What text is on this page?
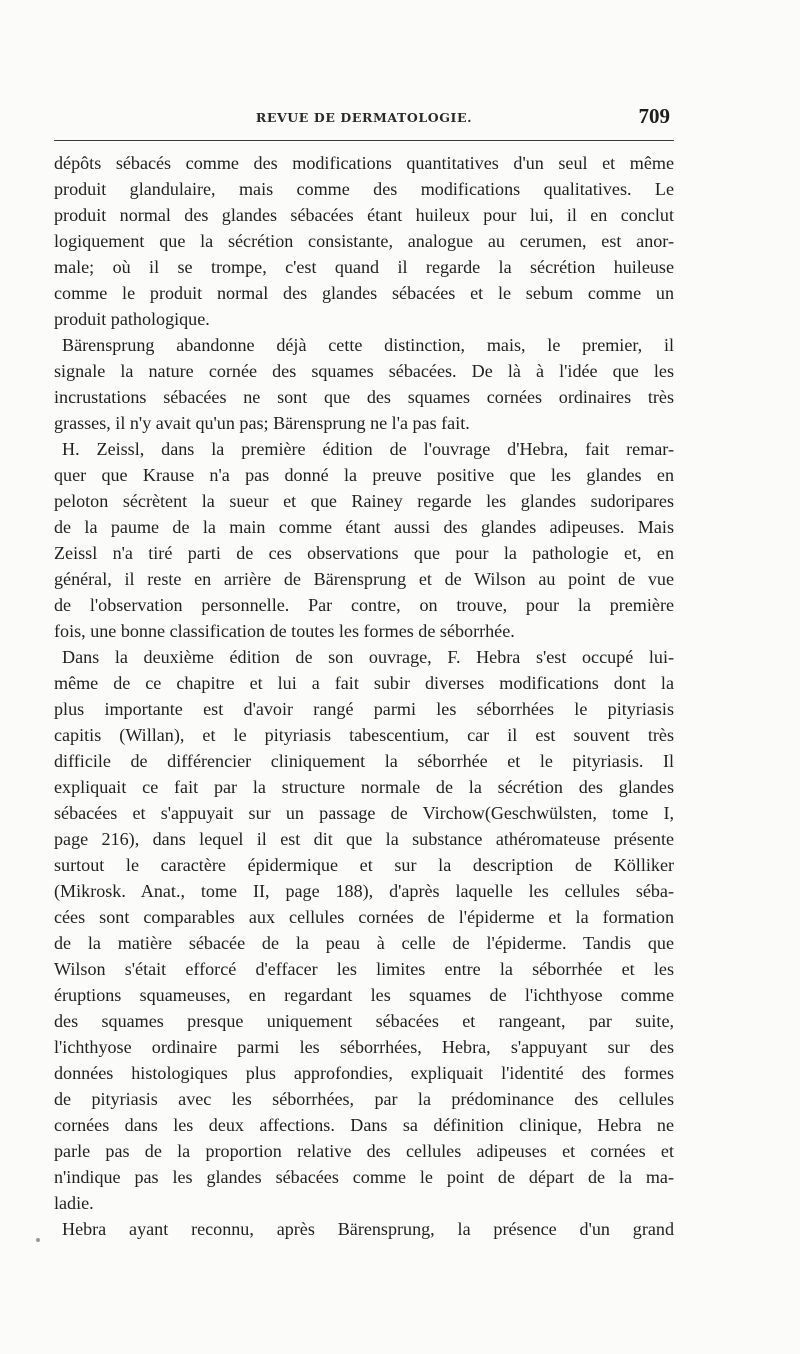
REVUE DE DERMATOLOGIE.	709
dépôts sébacés comme des modifications quantitatives d'un seul et même
produit glandulaire, mais comme des modifications qualitatives. Le
produit normal des glandes sébacées étant huileux pour lui, il en conclut
logiquement que la sécrétion consistante, analogue au cerumen, est anor-
male; où il se trompe, c'est quand il regarde la sécrétion huileuse
comme le produit normal des glandes sébacées et le sebum comme un
produit pathologique.
Bärensprung abandonne déjà cette distinction, mais, le premier, il
signale la nature cornée des squames sébacées. De là à l'idée que les
incrustations sébacées ne sont que des squames cornées ordinaires très
grasses, il n'y avait qu'un pas; Bärensprung ne l'a pas fait.
H. Zeissl, dans la première édition de l'ouvrage d'Hebra, fait remar-
quer que Krause n'a pas donné la preuve positive que les glandes en
peloton sécrètent la sueur et que Rainey regarde les glandes sudoripares
de la paume de la main comme étant aussi des glandes adipeuses. Mais
Zeissl n'a tiré parti de ces observations que pour la pathologie et, en
général, il reste en arrière de Bärensprung et de Wilson au point de vue
de l'observation personnelle. Par contre, on trouve, pour la première
fois, une bonne classification de toutes les formes de séborrhée.
Dans la deuxième édition de son ouvrage, F. Hebra s'est occupé lui-
même de ce chapitre et lui a fait subir diverses modifications dont la
plus importante est d'avoir rangé parmi les séborrhées le pityriasis
capitis (Willan), et le pityriasis tabescentium, car il est souvent très
difficile de différencier cliniquement la séborrhée et le pityriasis. Il
expliquait ce fait par la structure normale de la sécrétion des glandes
sébacées et s'appuyait sur un passage de Virchow(Geschwülsten, tome I,
page 216), dans lequel il est dit que la substance athéromateuse présente
surtout le caractère épidermique et sur la description de Kölliker
(Mikrosk. Anat., tome II, page 188), d'après laquelle les cellules séba-
cées sont comparables aux cellules cornées de l'épiderme et la formation
de la matière sébacée de la peau à celle de l'épiderme. Tandis que
Wilson s'était efforcé d'effacer les limites entre la séborrhée et les
éruptions squameuses, en regardant les squames de l'ichthyose comme
des squames presque uniquement sébacées et rangeant, par suite,
l'ichthyose ordinaire parmi les séborrhées, Hebra, s'appuyant sur des
données histologiques plus approfondies, expliquait l'identité des formes
de pityriasis avec les séborrhées, par la prédominance des cellules
cornées dans les deux affections. Dans sa définition clinique, Hebra ne
parle pas de la proportion relative des cellules adipeuses et cornées et
n'indique pas les glandes sébacées comme le point de départ de la ma-
ladie.
Hebra ayant reconnu, après Bärensprung, la présence d'un grand
